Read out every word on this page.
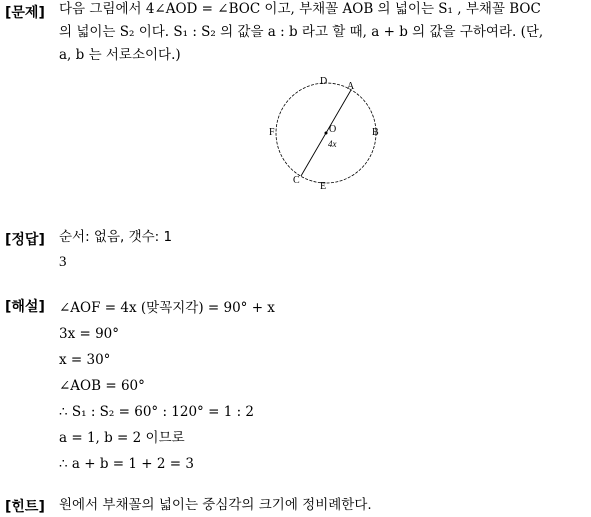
[문제] 다음 그림에서 4∠AOD = ∠BOC 이고, 부채꼴 AOB 의 넓이는 S₁ , 부채꼴 BOC
의 넓이는 S₂ 이다. S₁ : S₂ 의 값을 a : b 라고 할 때, a + b 의 값을 구하여라. (단,
a, b 는 서로소이다.)
D A
F	O	B
4x
C
E
[정답] 순서: 없음, 갯수: 1
3
[해설] ∠AOF = 4x (맞꼭지각) = 90° + x
3x = 90°
x = 30°
∠AOB = 60°
∴ S₁ : S₂ = 60° : 120° = 1 : 2
a = 1, b = 2 이므로
∴ a + b = 1 + 2 = 3
[힌트] 원에서 부채꼴의 넓이는 중심각의 크기에 정비례한다.
